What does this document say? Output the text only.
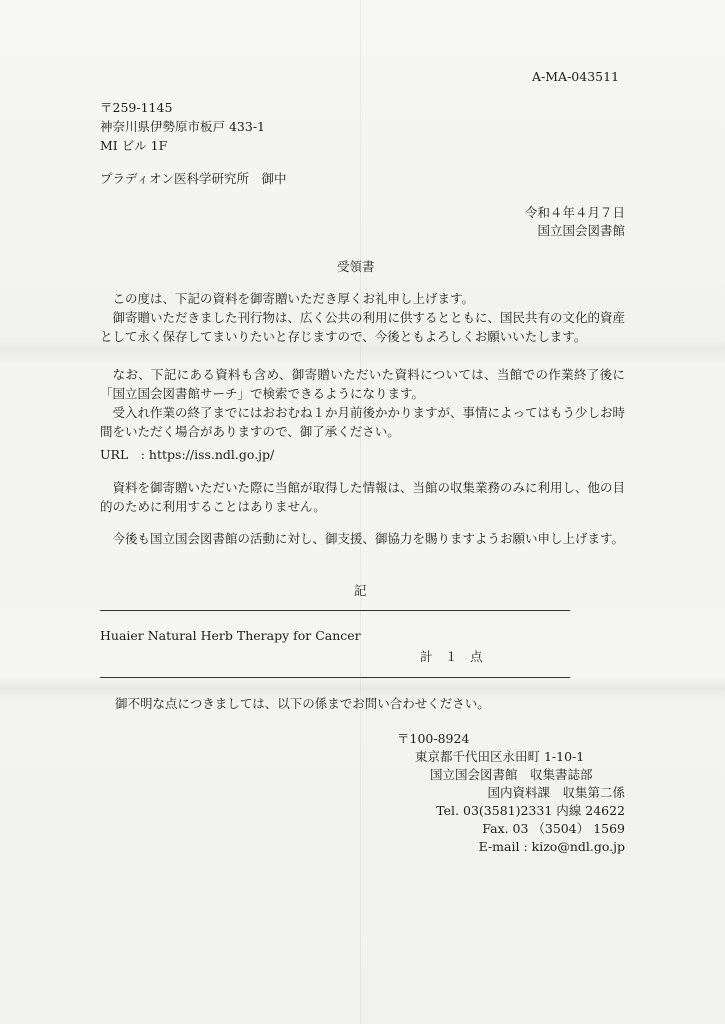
A-MA-043511
〒259-1145
神奈川県伊勢原市板戸 433-1
MI ビル 1F
プラディオン医科学研究所　御中
令和４年４月７日
国立国会図書館
受領書
この度は、下記の資料を御寄贈いただき厚くお礼申し上げます。
御寄贈いただきました刊行物は、広く公共の利用に供するとともに、国民共有の文化的資産として永く保存してまいりたいと存じますので、今後ともよろしくお願いいたします。
なお、下記にある資料も含め、御寄贈いただいた資料については、当館での作業終了後に「国立国会図書館サーチ」で検索できるようになります。
受入れ作業の終了までにはおおむね１か月前後かかりますが、事情によってはもう少しお時間をいただく場合がありますので、御了承ください。
URL　: https://iss.ndl.go.jp/
資料を御寄贈いただいた際に当館が取得した情報は、当館の収集業務のみに利用し、他の目的のために利用することはありません。
今後も国立国会図書館の活動に対し、御支援、御協力を賜りますようお願い申し上げます。
記
Huaier Natural Herb Therapy for Cancer
計　１　点
御不明な点につきましては、以下の係までお問い合わせください。
〒100-8924
東京都千代田区永田町 1-10-1
国立国会図書館　収集書誌部
国内資料課　収集第二係
Tel. 03(3581)2331 内線 24622
Fax. 03 （3504） 1569
E-mail : kizo@ndl.go.jp
